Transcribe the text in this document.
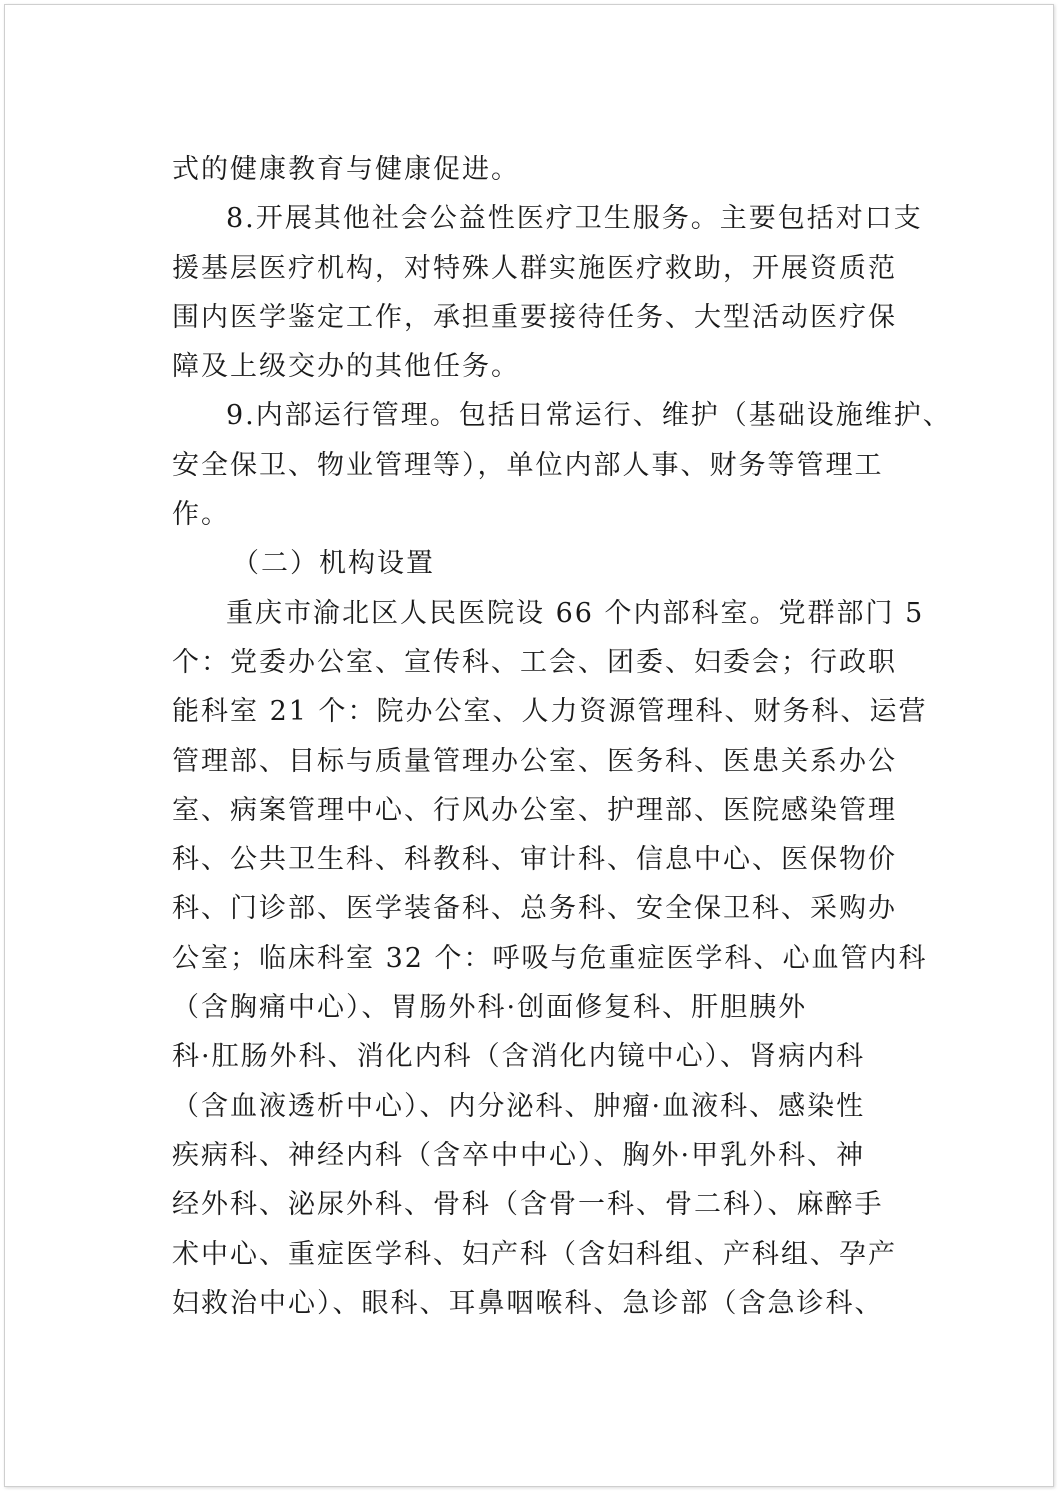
式的健康教育与健康促进。
8.开展其他社会公益性医疗卫生服务。主要包括对口支
援基层医疗机构，对特殊人群实施医疗救助，开展资质范
围内医学鉴定工作，承担重要接待任务、大型活动医疗保
障及上级交办的其他任务。
9.内部运行管理。包括日常运行、维护（基础设施维护、
安全保卫、物业管理等），单位内部人事、财务等管理工
作。
（二）机构设置
重庆市渝北区人民医院设 66 个内部科室。党群部门 5
个：党委办公室、宣传科、工会、团委、妇委会；行政职
能科室 21 个：院办公室、人力资源管理科、财务科、运营
管理部、目标与质量管理办公室、医务科、医患关系办公
室、病案管理中心、行风办公室、护理部、医院感染管理
科、公共卫生科、科教科、审计科、信息中心、医保物价
科、门诊部、医学装备科、总务科、安全保卫科、采购办
公室；临床科室 32 个：呼吸与危重症医学科、心血管内科
（含胸痛中心）、胃肠外科·创面修复科、肝胆胰外
科·肛肠外科、消化内科（含消化内镜中心）、肾病内科
（含血液透析中心）、内分泌科、肿瘤·血液科、感染性
疾病科、神经内科（含卒中中心）、胸外·甲乳外科、神
经外科、泌尿外科、骨科（含骨一科、骨二科）、麻醉手
术中心、重症医学科、妇产科（含妇科组、产科组、孕产
妇救治中心）、眼科、耳鼻咽喉科、急诊部（含急诊科、
